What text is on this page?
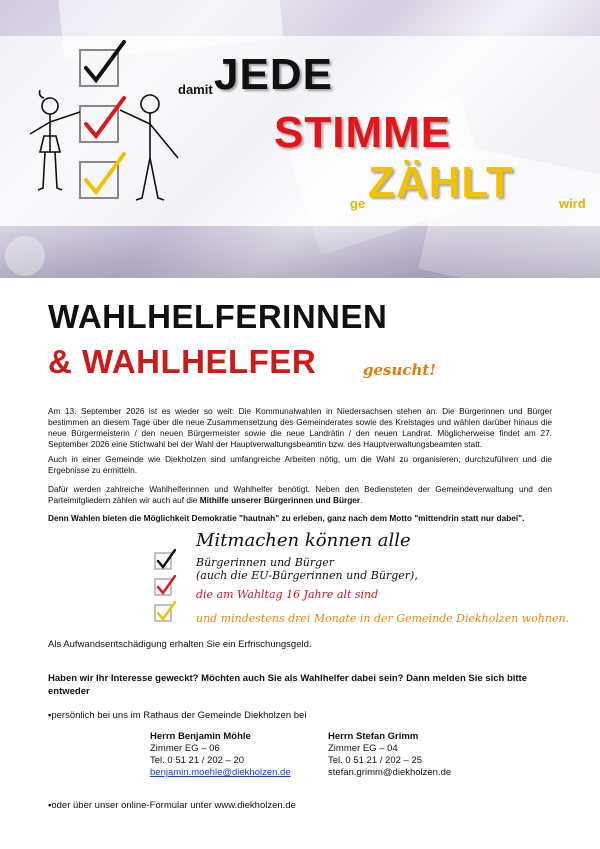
damit JEDE
STIMME
ge ZÄHLT	wird
WAHLHELFERINNEN
& WAHLHELFER	gesucht!
Am 13. September 2026 ist es wieder so weit: Die Kommunalwahlen in Niedersachsen stehen an. Die Bürgerinnen und Bürger bestimmen an diesem Tage über die neue Zusammensetzung des Gemeinderates sowie des Kreistages und wählen darüber hinaus die neue Bürgermeisterin / den neuen Bürgermeister sowie die neue Landrätin / den neuen Landrat. Möglicherweise findet am 27. September 2026 eine Stichwahl bei der Wahl der Hauptverwaltungsbeamtin bzw. des Hauptverwaltungsbeamten statt.
Auch in einer Gemeinde wie Diekholzen sind umfangreiche Arbeiten nötig, um die Wahl zu organisieren, durchzuführen und die Ergebnisse zu ermitteln.
Dafür werden zahlreiche Wahlhelferinnen und Wahlhelfer benötigt. Neben den Bediensteten der Gemeindeverwaltung und den Parteimitgliedern zählen wir auch auf die Mithilfe unserer Bürgerinnen und Bürger.
Denn Wahlen bieten die Möglichkeit Demokratie "hautnah" zu erleben, ganz nach dem Motto "mittendrin statt nur dabei".
Mitmachen können alle
Bürgerinnen und Bürger
(auch die EU-Bürgerinnen und Bürger),
die am Wahltag 16 Jahre alt sind
und mindestens drei Monate in der Gemeinde Diekholzen wohnen.
Als Aufwandsentschädigung erhalten Sie ein Erfrischungsgeld.
Haben wir Ihr Interesse geweckt? Möchten auch Sie als Wahlhelfer dabei sein? Dann melden Sie sich bitte entweder
▪persönlich bei uns im Rathaus der Gemeinde Diekholzen bei
Herrn Benjamin Möhle
Zimmer EG – 06
Tel. 0 51 21 / 202 – 20
benjamin.moehle@diekholzen.de
Herrn Stefan Grimm
Zimmer EG – 04
Tel. 0 51 21 / 202 – 25
stefan.grimm@diekholzen.de
▪oder über unser online-Formular unter www.diekholzen.de
